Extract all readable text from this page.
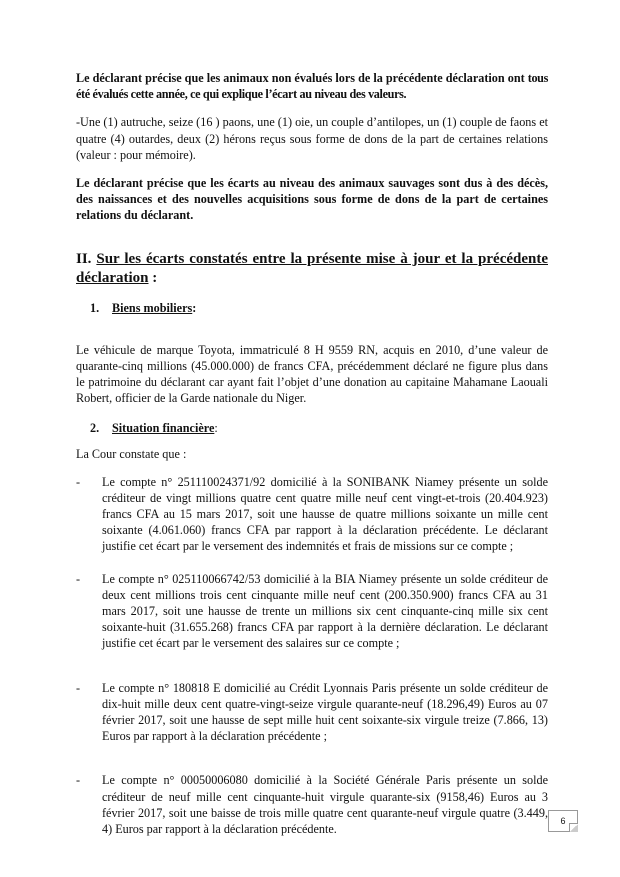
Le déclarant précise que les animaux non évalués lors de la précédente déclaration ont tous été évalués cette année, ce qui explique l’écart au niveau des valeurs.

-Une (1) autruche, seize (16 ) paons, une (1) oie, un couple d’antilopes, un (1) couple de faons et quatre (4) outardes, deux (2) hérons reçus sous forme de dons de la part de certaines relations (valeur : pour mémoire).

Le déclarant précise que les écarts au niveau des animaux sauvages sont dus à des décès, des naissances et des nouvelles acquisitions sous forme de dons de la part de certaines relations du déclarant.

II. Sur les écarts constatés entre la présente mise à jour et la précédente déclaration :
1.	Biens mobiliers :

Le véhicule de marque Toyota, immatriculé 8 H 9559 RN, acquis en 2010, d’une valeur de quarante-cinq millions (45.000.000) de francs CFA, précédemment déclaré ne figure plus dans le patrimoine du déclarant car ayant fait l’objet d’une donation au capitaine Mahamane Laouali Robert, officier de la Garde nationale du Niger.

2.	Situation financière :

La Cour constate que :

-	Le compte n° 251110024371/92 domicilié à la SONIBANK Niamey présente un solde créditeur de vingt millions quatre cent quatre mille neuf cent vingt-et-trois (20.404.923) francs CFA au 15 mars 2017, soit une hausse de quatre millions soixante un mille cent soixante (4.061.060) francs CFA par rapport à la déclaration précédente. Le déclarant justifie cet écart par le versement des indemnités et frais de missions sur ce compte ;

-	Le compte n° 025110066742/53 domicilié à la BIA Niamey présente un solde créditeur de deux cent millions trois cent cinquante mille neuf cent (200.350.900) francs CFA au 31 mars 2017, soit une hausse de trente un millions six cent cinquante-cinq mille six cent soixante-huit (31.655.268) francs CFA par rapport à la dernière déclaration. Le déclarant justifie cet écart par le versement des salaires sur ce compte ;

-	Le compte n° 180818 E domicilié au Crédit Lyonnais Paris présente un solde créditeur de dix-huit mille deux cent quatre-vingt-seize virgule quarante-neuf (18.296,49) Euros au 07 février 2017, soit une hausse de sept mille huit cent soixante-six virgule treize (7.866, 13) Euros par rapport à la déclaration précédente ;

-	Le compte n° 00050006080 domicilié à la Société Générale Paris présente un solde créditeur de neuf mille cent cinquante-huit virgule quarante-six (9158,46) Euros au 3 février 2017, soit une baisse de trois mille quatre cent quarante-neuf virgule quatre (3.449, 4) Euros par rapport à la déclaration précédente.

6
